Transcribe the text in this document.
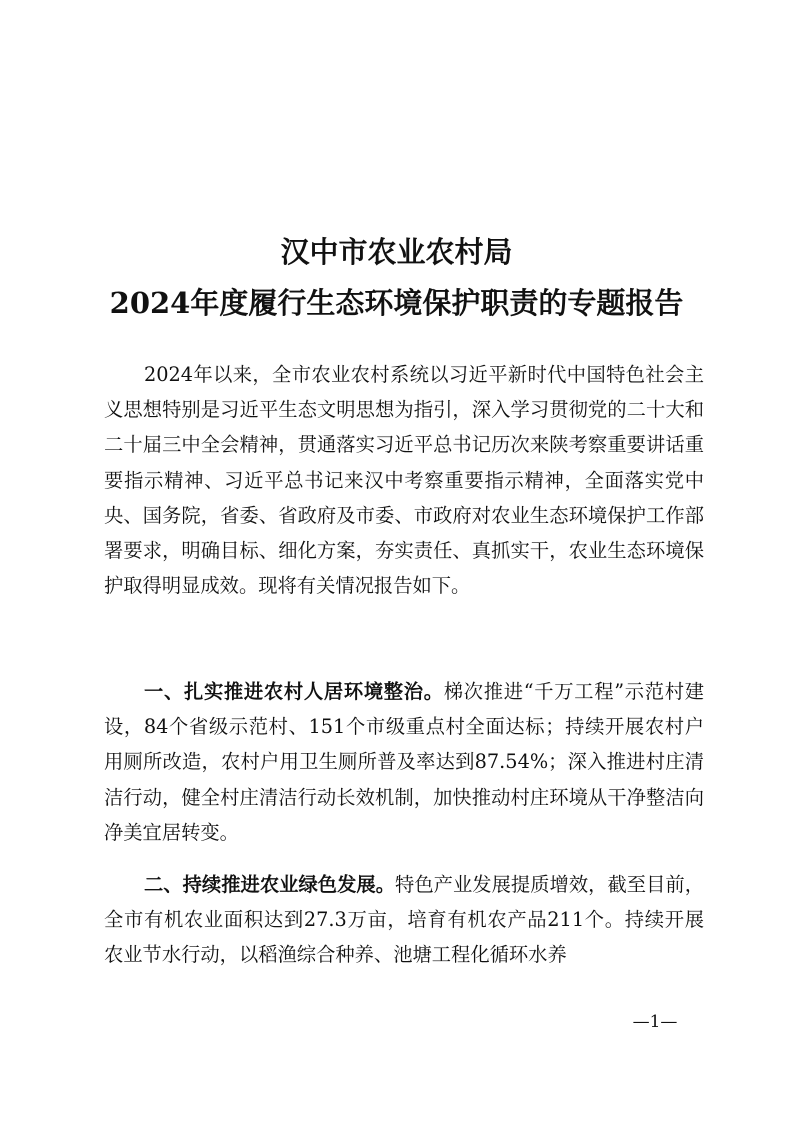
汉中市农业农村局
2024年度履行生态环境保护职责的专题报告

2024年以来，全市农业农村系统以习近平新时代中国特色社会主义思想特别是习近平生态文明思想为指引，深入学习贯彻党的二十大和二十届三中全会精神，贯通落实习近平总书记历次来陕考察重要讲话重要指示精神、习近平总书记来汉中考察重要指示精神，全面落实党中央、国务院，省委、省政府及市委、市政府对农业生态环境保护工作部署要求，明确目标、细化方案，夯实责任、真抓实干，农业生态环境保护取得明显成效。现将有关情况报告如下。

一、扎实推进农村人居环境整治。梯次推进“千万工程”示范村建设，84个省级示范村、151个市级重点村全面达标；持续开展农村户用厕所改造，农村户用卫生厕所普及率达到87.54%；深入推进村庄清洁行动，健全村庄清洁行动长效机制，加快推动村庄环境从干净整洁向净美宜居转变。

二、持续推进农业绿色发展。特色产业发展提质增效，截至目前，全市有机农业面积达到27.3万亩，培育有机农产品211个。持续开展农业节水行动，以稻渔综合种养、池塘工程化循环水养

—1—
